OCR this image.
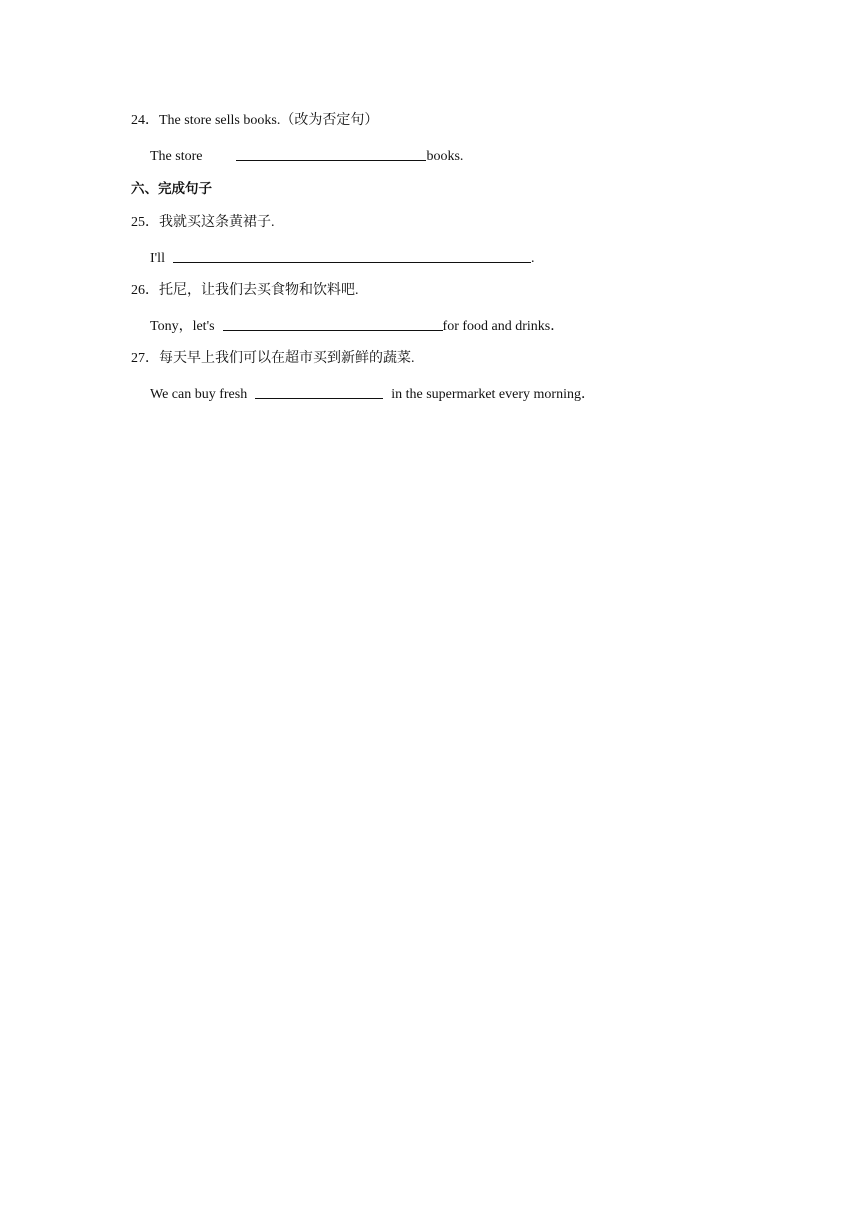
24．The store sells books.（改为否定句）
The store	books.
六、完成句子
25．我就买这条黄裙子.
I'll	.
26．托尼，让我们去买食物和饮料吧.
Tony，let's	for food and drinks．
27．每天早上我们可以在超市买到新鲜的蔬菜.
We can buy fresh	in the supermarket every morning．
